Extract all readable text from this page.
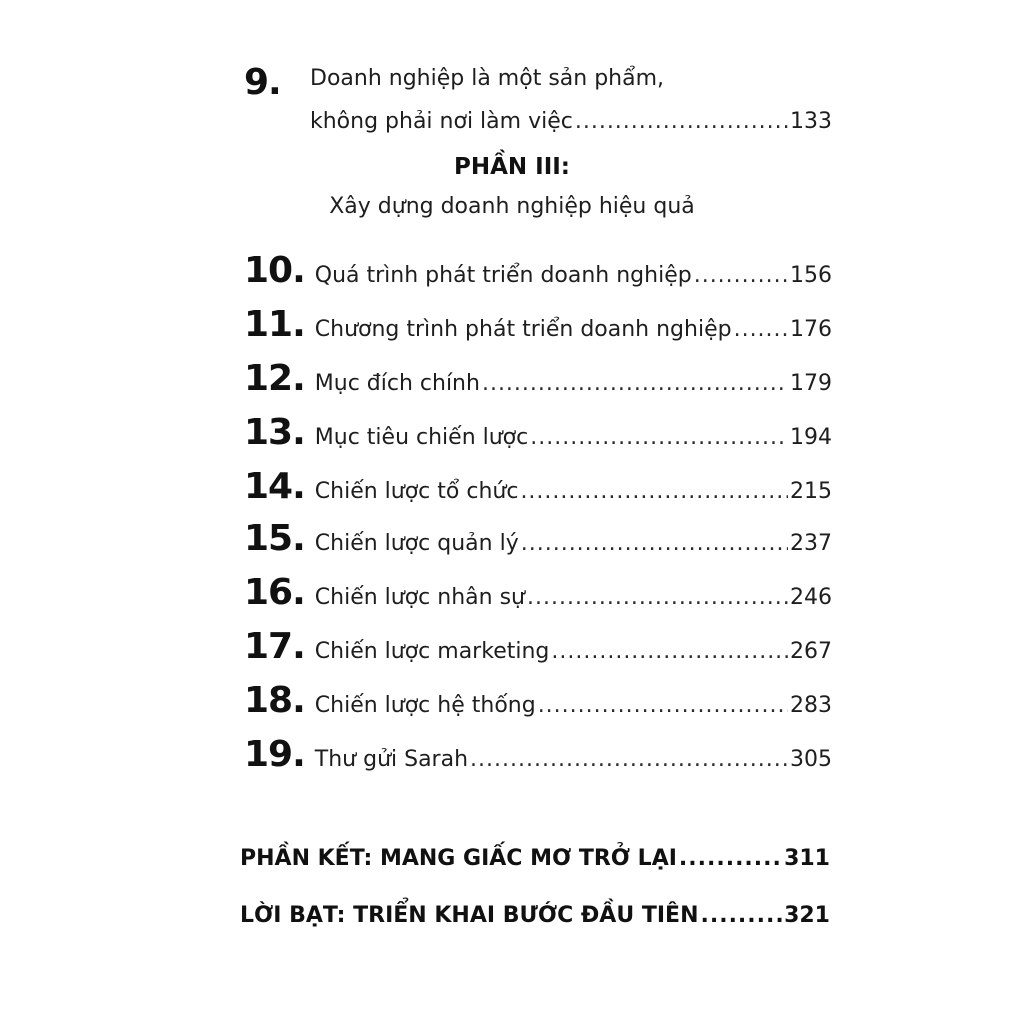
9. Doanh nghiệp là một sản phẩm,
không phải nơi làm việc .....	133
PHẦN III:
Xây dựng doanh nghiệp hiệu quả
10. Quá trình phát triển doanh nghiệp .....	156
11. Chương trình phát triển doanh nghiệp .....	176
12. Mục đích chính .....	179
13. Mục tiêu chiến lược .....	194
14. Chiến lược tổ chức .....	215
15. Chiến lược quản lý .....	237
16. Chiến lược nhân sự .....	246
17. Chiến lược marketing .....	267
18. Chiến lược hệ thống .....	283
19. Thư gửi Sarah .....	305
PHẦN KẾT: MANG GIẤC MƠ TRỞ LẠI .....	311
LỜI BẠT: TRIỂN KHAI BƯỚC ĐẦU TIÊN .....	321
